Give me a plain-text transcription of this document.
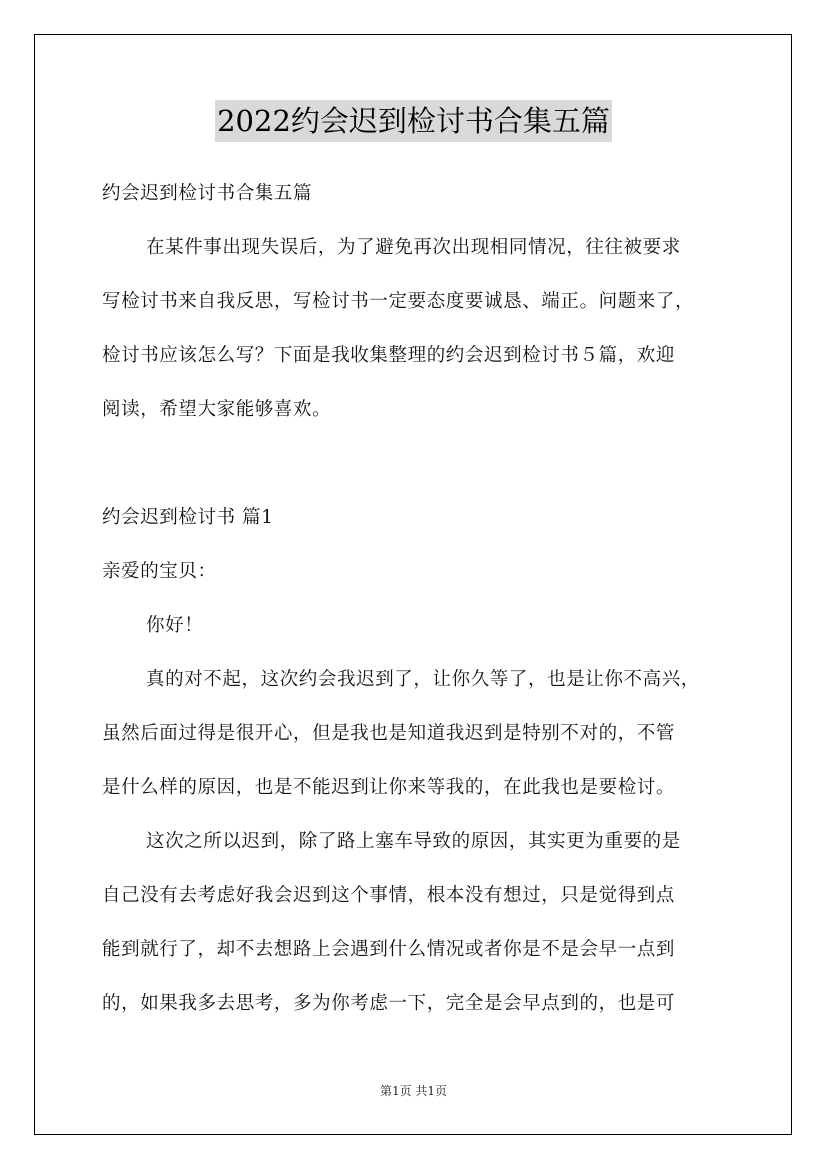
2022约会迟到检讨书合集五篇
约会迟到检讨书合集五篇
在某件事出现失误后，为了避免再次出现相同情况，往往被要求
写检讨书来自我反思，写检讨书一定要态度要诚恳、端正。问题来了，
检讨书应该怎么写？下面是我收集整理的约会迟到检讨书５篇，欢迎
阅读，希望大家能够喜欢。
约会迟到检讨书 篇1
亲爱的宝贝：
你好！
真的对不起，这次约会我迟到了，让你久等了，也是让你不高兴，
虽然后面过得是很开心，但是我也是知道我迟到是特别不对的，不管
是什么样的原因，也是不能迟到让你来等我的，在此我也是要检讨。
这次之所以迟到，除了路上塞车导致的原因，其实更为重要的是
自己没有去考虑好我会迟到这个事情，根本没有想过，只是觉得到点
能到就行了，却不去想路上会遇到什么情况或者你是不是会早一点到
的，如果我多去思考，多为你考虑一下，完全是会早点到的，也是可
第1页 共1页
